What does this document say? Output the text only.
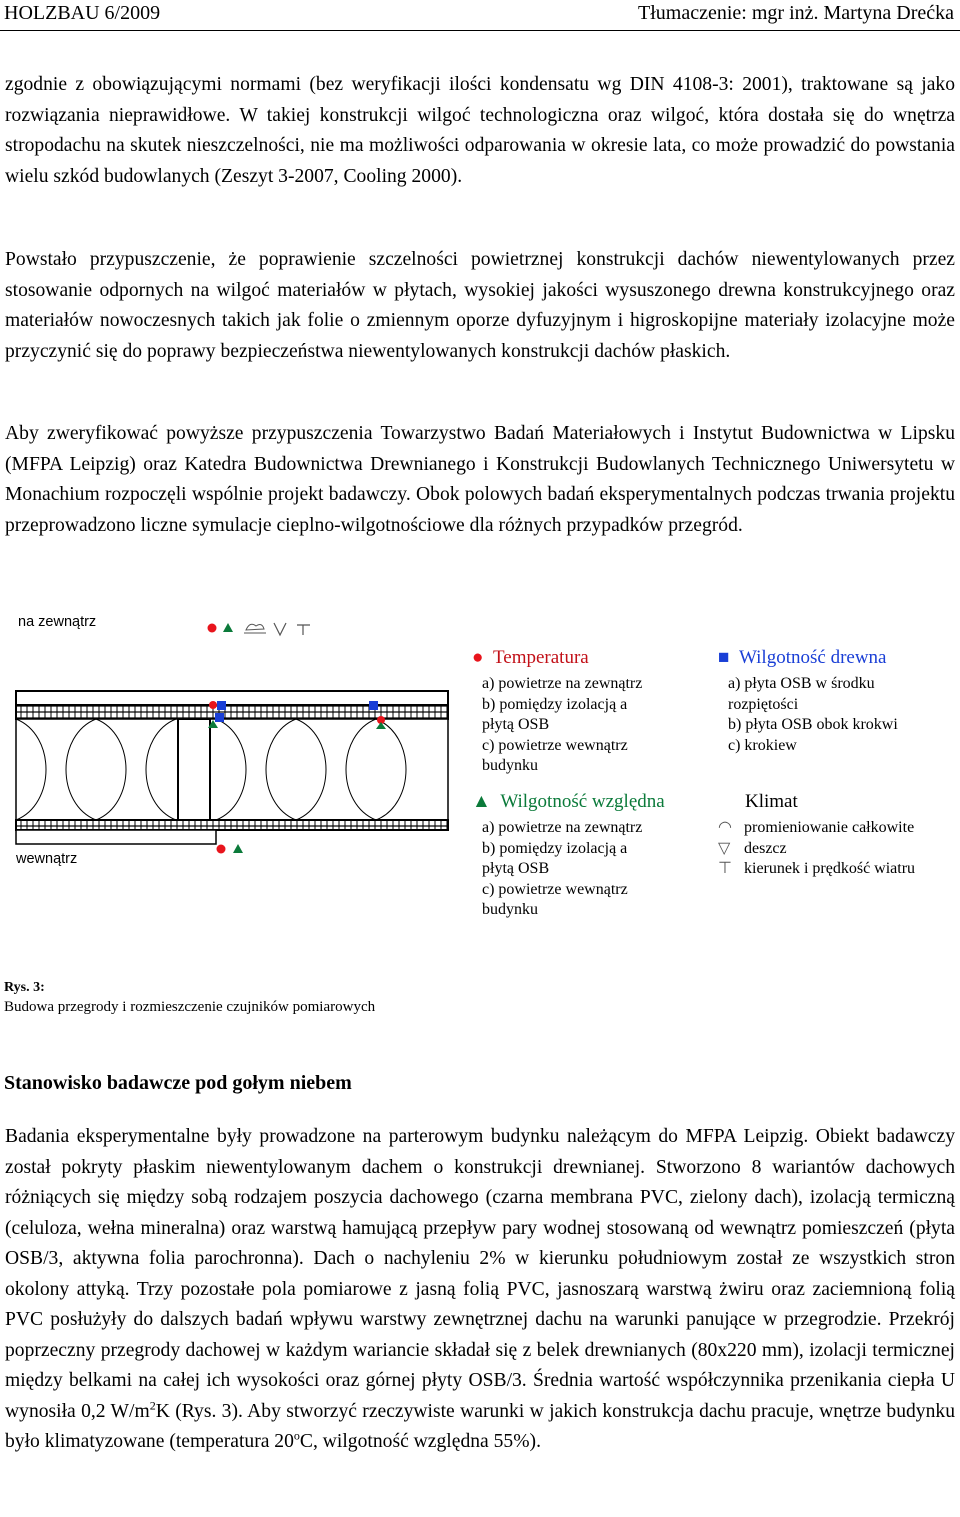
HOLZBAU 6/2009	Tłumaczenie: mgr inż. Martyna Drećka

zgodnie z obowiązującymi normami (bez weryfikacji ilości kondensatu wg DIN 4108-3: 2001), traktowane są jako rozwiązania nieprawidłowe. W takiej konstrukcji wilgoć technologiczna oraz wilgoć, która dostała się do wnętrza stropodachu na skutek nieszczelności, nie ma możliwości odparowania w okresie lata, co może prowadzić do powstania wielu szkód budowlanych (Zeszyt 3-2007, Cooling 2000).

Powstało przypuszczenie, że poprawienie szczelności powietrznej konstrukcji dachów niewentylowanych przez stosowanie odpornych na wilgoć materiałów w płytach, wysokiej jakości wysuszonego drewna konstrukcyjnego oraz materiałów nowoczesnych takich jak folie o zmiennym oporze dyfuzyjnym i higroskopijne materiały izolacyjne może przyczynić się do poprawy bezpieczeństwa niewentylowanych konstrukcji dachów płaskich.

Aby zweryfikować powyższe przypuszczenia Towarzystwo Badań Materiałowych i Instytut Budownictwa w Lipsku (MFPA Leipzig) oraz Katedra Budownictwa Drewnianego i Konstrukcji Budowlanych Technicznego Uniwersytetu w Monachium rozpoczęli wspólnie projekt badawczy. Obok polowych badań eksperymentalnych podczas trwania projektu przeprowadzono liczne symulacje cieplno-wilgotnościowe dla różnych przypadków przegród.

na zewnątrz
wewnątrz
● Temperatura
a) powietrze na zewnątrz
b) pomiędzy izolacją a
płytą OSB
c) powietrze wewnątrz
budynku
■ Wilgotność drewna
a) płyta OSB w środku
rozpiętości
b) płyta OSB obok krokwi
c) krokiew
▲ Wilgotność względna
a) powietrze na zewnątrz
b) pomiędzy izolacją a
płytą OSB
c) powietrze wewnątrz
budynku
Klimat
◠ promieniowanie całkowite
▽ deszcz
⊤ kierunek i prędkość wiatru
Rys. 3:
Budowa przegrody i rozmieszczenie czujników pomiarowych
Stanowisko badawcze pod gołym niebem

Badania eksperymentalne były prowadzone na parterowym budynku należącym do MFPA Leipzig. Obiekt badawczy został pokryty płaskim niewentylowanym dachem o konstrukcji drewnianej. Stworzono 8 wariantów dachowych różniących się między sobą rodzajem poszycia dachowego (czarna membrana PVC, zielony dach), izolacją termiczną (celuloza, wełna mineralna) oraz warstwą hamującą przepływ pary wodnej stosowaną od wewnątrz pomieszczeń (płyta OSB/3, aktywna folia parochronna). Dach o nachyleniu 2% w kierunku południowym został ze wszystkich stron okolony attyką. Trzy pozostałe pola pomiarowe z jasną folią PVC, jasnoszarą warstwą żwiru oraz zaciemnioną folią PVC posłużyły do dalszych badań wpływu warstwy zewnętrznej dachu na warunki panujące w przegrodzie. Przekrój poprzeczny przegrody dachowej w każdym wariancie składał się z belek drewnianych (80x220 mm), izolacji termicznej między belkami na całej ich wysokości oraz górnej płyty OSB/3. Średnia wartość współczynnika przenikania ciepła U wynosiła 0,2 $W/m^2K$ (Rys. 3). Aby stworzyć rzeczywiste warunki w jakich konstrukcja dachu pracuje, wnętrze budynku było klimatyzowane (temperatura 20$^o$C, wilgotność względna 55%).
